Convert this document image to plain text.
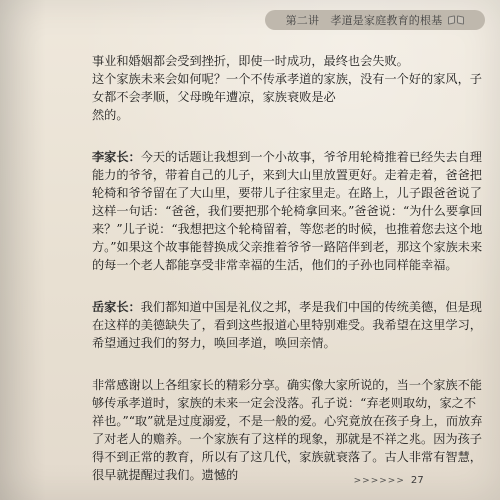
第二讲　孝道是家庭教育的根基

事业和婚姻都会受到挫折，即使一时成功，最终也会失败。
这个家族未来会如何呢？一个不传承孝道的家族，没有一个好的家风，子女都不会孝顺，父母晚年遭凉，家族衰败是必
然的。

李家长：今天的话题让我想到一个小故事，爷爷用轮椅推着已经失去自理能力的爷爷，带着自己的儿子，来到大山里放置更好。走着走着，爸爸把轮椅和爷爷留在了大山里，要带儿子往家里走。在路上，儿子跟爸爸说了这样一句话：“爸爸，我们要把那个轮椅拿回来。”爸爸说：“为什么要拿回来？”儿子说：“我想把这个轮椅留着，等您老的时候，也推着您去这个地方。”如果这个故事能替换成父亲推着爷爷一路陪伴到老，那这个家族未来的每一个老人都能享受非常幸福的生活，他们的子孙也同样能幸福。

岳家长：我们都知道中国是礼仪之邦，孝是我们中国的传统美德，但是现在这样的美德缺失了，看到这些报道心里特别难受。我希望在这里学习，希望通过我们的努力，唤回孝道，唤回亲情。

非常感谢以上各组家长的精彩分享。确实像大家所说的，当一个家族不能够传承孝道时，家族的未来一定会没落。孔子说：“弃老则取幼，家之不祥也。”“取”就是过度溺爱，不是一般的爱。心究竟放在孩子身上，而放弃了对老人的赡养。一个家族有了这样的现象，那就是不祥之兆。因为孩子得不到正常的教育，所以有了这几代，家族就衰落了。古人非常有智慧，很早就提醒过我们。遗憾的	>>>>>> 27
